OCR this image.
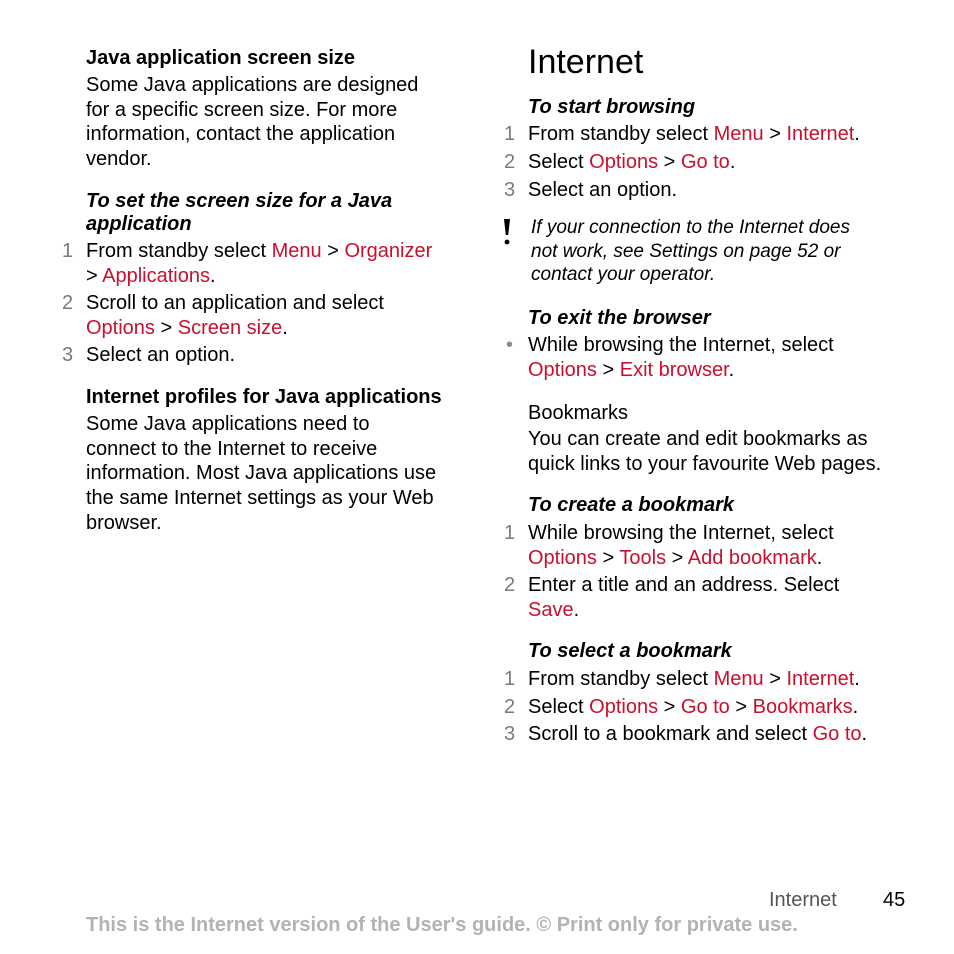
Java application screen size
Some Java applications are designed
for a specific screen size. For more
information, contact the application
vendor.
To set the screen size for a Java
application
1 From standby select Menu > Organizer
> Applications.
2 Scroll to an application and select
Options > Screen size.
3 Select an option.
Internet profiles for Java applications
Some Java applications need to
connect to the Internet to receive
information. Most Java applications use
the same Internet settings as your Web
browser.
Internet
To start browsing
1 From standby select Menu > Internet.
2 Select Options > Go to.
3 Select an option.
If your connection to the Internet does
not work, see Settings on page 52 or
contact your operator.
To exit the browser
• While browsing the Internet, select
Options > Exit browser.
Bookmarks
You can create and edit bookmarks as
quick links to your favourite Web pages.
To create a bookmark
1 While browsing the Internet, select
Options > Tools > Add bookmark.
2 Enter a title and an address. Select
Save.
To select a bookmark
1 From standby select Menu > Internet.
2 Select Options > Go to > Bookmarks.
3 Scroll to a bookmark and select Go to.
Internet 45
This is the Internet version of the User's guide. © Print only for private use.
